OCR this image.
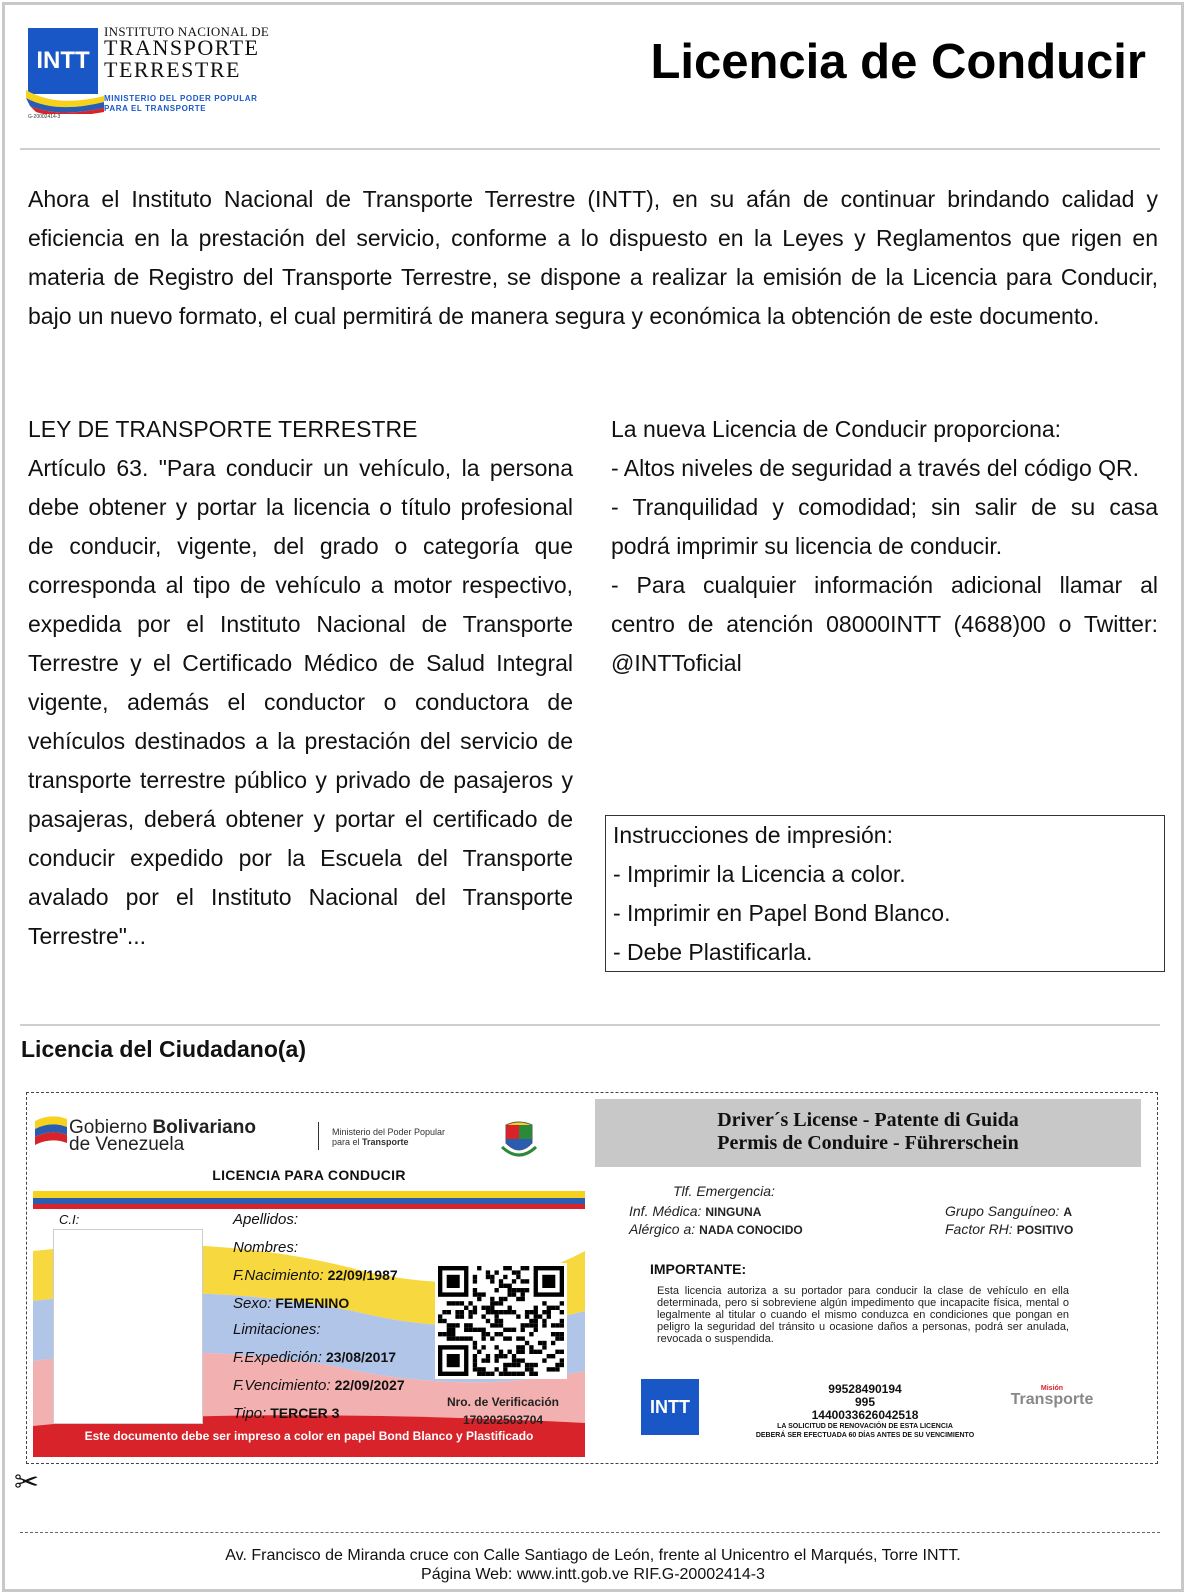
INTT
INSTITUTO NACIONAL DE
TRANSPORTE
TERRESTRE
MINISTERIO DEL PODER POPULAR
PARA EL TRANSPORTE
G-20002414-3
Licencia de Conducir

Ahora el Instituto Nacional de Transporte Terrestre (INTT), en su afán de continuar brindando calidad y eficiencia en la prestación del servicio, conforme a lo dispuesto en la Leyes y Reglamentos que rigen en materia de Registro del Transporte Terrestre, se dispone a realizar la emisión de la Licencia para Conducir, bajo un nuevo formato, el cual permitirá de manera segura y económica la obtención de este documento.

LEY DE TRANSPORTE TERRESTRE

Artículo 63. "Para conducir un vehículo, la persona debe obtener y portar la licencia o título profesional de conducir, vigente, del grado o categoría que corresponda al tipo de vehículo a motor respectivo, expedida por el Instituto Nacional de Transporte Terrestre y el Certificado Médico de Salud Integral vigente, además el conductor o conductora de vehículos destinados a la prestación del servicio de transporte terrestre público y privado de pasajeros y pasajeras, deberá obtener y portar el certificado de conducir expedido por la Escuela del Transporte avalado por el Instituto Nacional del Transporte Terrestre"...

La nueva Licencia de Conducir proporciona:

- Altos niveles de seguridad a través del código QR.

- Tranquilidad y comodidad; sin salir de su casa podrá imprimir su licencia de conducir.

- Para cualquier información adicional llamar al centro de atención 08000INTT (4688)00 o Twitter: @INTToficial

Instrucciones de impresión:

- Imprimir la Licencia a color.

- Imprimir en Papel Bond Blanco.

- Debe Plastificarla.

Licencia del Ciudadano(a)
Gobierno Bolivariano
de Venezuela
Ministerio del Poder Popular
para el Transporte
LICENCIA PARA CONDUCIR
C.I:	Apellidos:
Nombres:
F.Nacimiento: 22/09/1987
Sexo: FEMENINO
Limitaciones:
F.Expedición: 23/08/2017
F.Vencimiento: 22/09/2027
Tipo: TERCER 3
Nro. de Verificación
170202503704
Este documento debe ser impreso a color en papel Bond Blanco y Plastificado
Driver´s License - Patente di Guida
Permis de Conduire - Führerschein
Tlf. Emergencia:
Inf. Médica: NINGUNA
Alérgico a: NADA CONOCIDO
Grupo Sanguíneo: A
Factor RH: POSITIVO
IMPORTANTE:

Esta licencia autoriza a su portador para conducir la clase de vehículo en ella determinada, pero si sobreviene algún impedimento que incapacite física, mental o legalmente al titular o cuando el mismo conduzca en condiciones que pongan en peligro la seguridad del tránsito u ocasione daños a personas, podrá ser anulada, revocada o suspendida.

INTT
99528490194
995
1440033626042518
LA SOLICITUD DE RENOVACIÓN DE ESTA LICENCIA
DEBERÁ SER EFECTUADA 60 DÍAS ANTES DE SU VENCIMIENTO
Misión
Transporte
✂
Av. Francisco de Miranda cruce con Calle Santiago de León, frente al Unicentro el Marqués, Torre INTT.
Página Web: www.intt.gob.ve RIF.G-20002414-3
